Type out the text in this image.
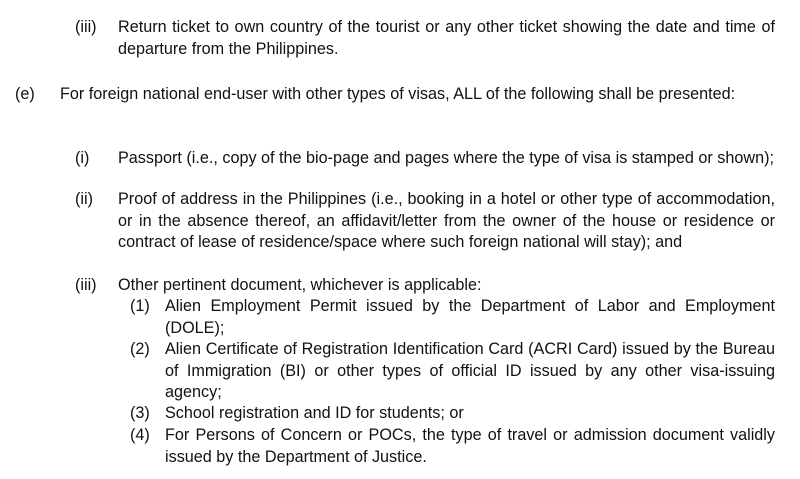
(iii) Return ticket to own country of the tourist or any other ticket showing the date and time of departure from the Philippines.
(e) For foreign national end-user with other types of visas, ALL of the following shall be presented:
(i) Passport (i.e., copy of the bio-page and pages where the type of visa is stamped or shown);
(ii) Proof of address in the Philippines (i.e., booking in a hotel or other type of accommodation, or in the absence thereof, an affidavit/letter from the owner of the house or residence or contract of lease of residence/space where such foreign national will stay); and
(iii) Other pertinent document, whichever is applicable:
(1) Alien Employment Permit issued by the Department of Labor and Employment (DOLE);
(2) Alien Certificate of Registration Identification Card (ACRI Card) issued by the Bureau of Immigration (BI) or other types of official ID issued by any other visa-issuing agency;
(3) School registration and ID for students; or
(4) For Persons of Concern or POCs, the type of travel or admission document validly issued by the Department of Justice.
